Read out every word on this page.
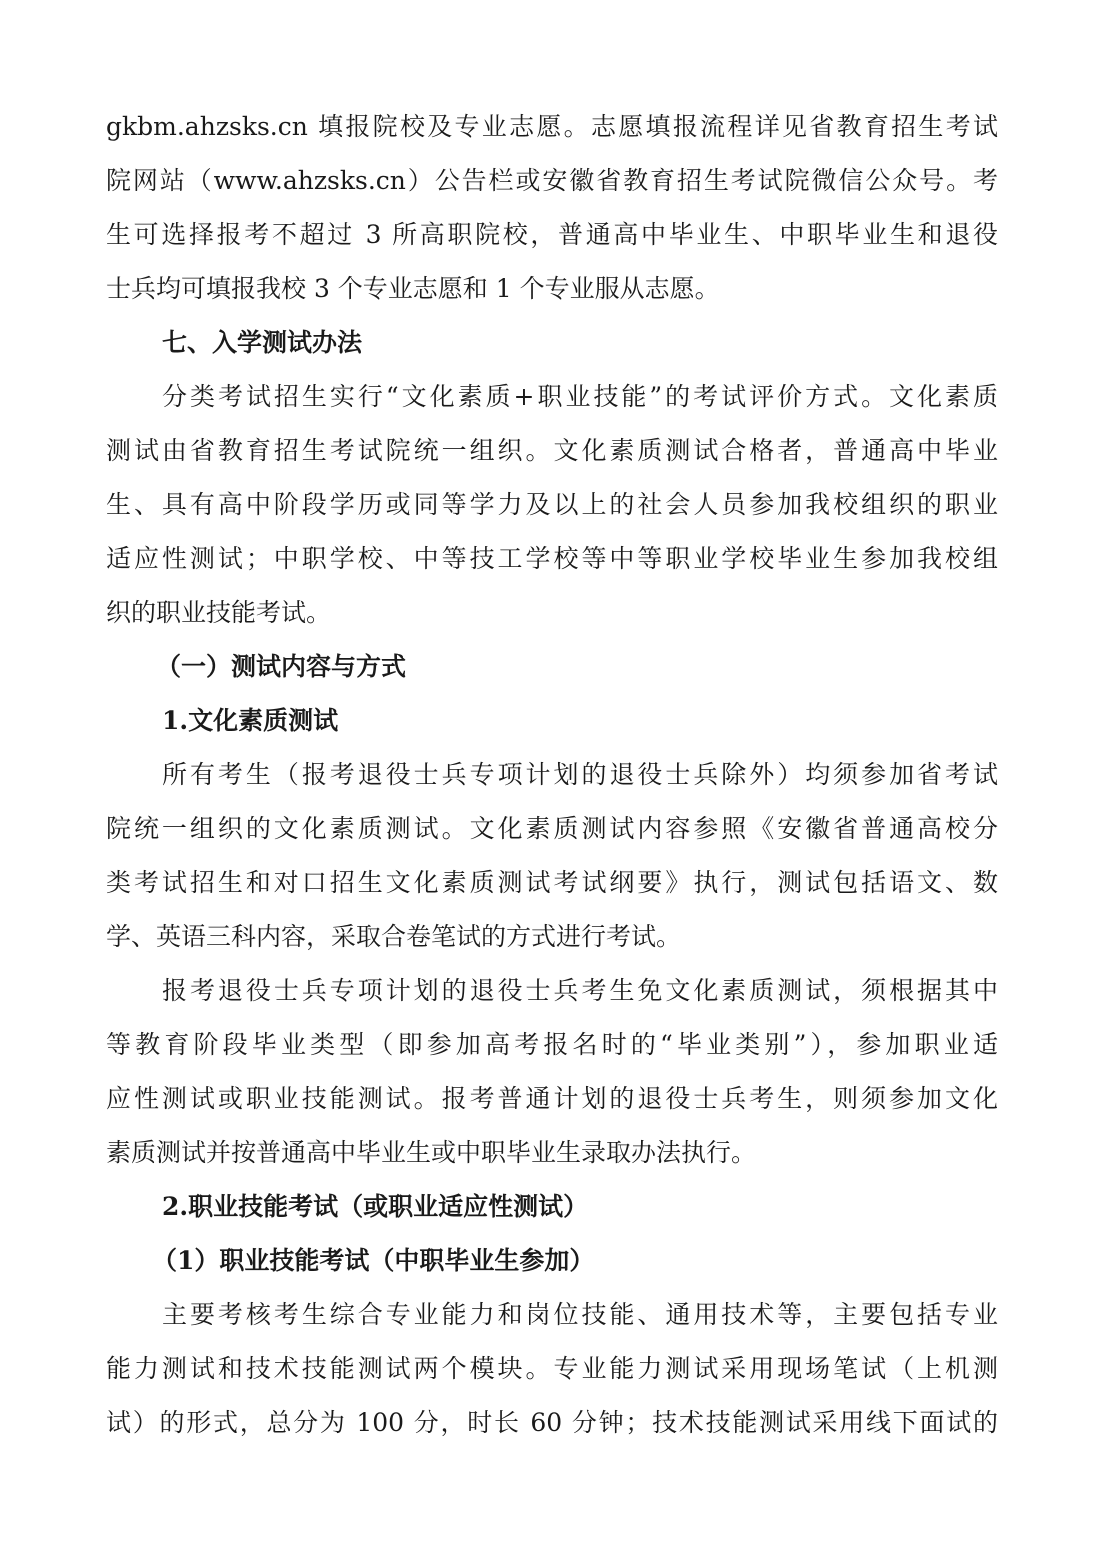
gkbm.ahzsks.cn 填报院校及专业志愿。志愿填报流程详见省教育招生考试
院网站（www.ahzsks.cn）公告栏或安徽省教育招生考试院微信公众号。考
生可选择报考不超过 3 所高职院校，普通高中毕业生、中职毕业生和退役
士兵均可填报我校 3 个专业志愿和 1 个专业服从志愿。
七、入学测试办法
分类考试招生实行“文化素质+职业技能”的考试评价方式。文化素质
测试由省教育招生考试院统一组织。文化素质测试合格者，普通高中毕业
生、具有高中阶段学历或同等学力及以上的社会人员参加我校组织的职业
适应性测试；中职学校、中等技工学校等中等职业学校毕业生参加我校组
织的职业技能考试。
（一）测试内容与方式
1.文化素质测试
所有考生（报考退役士兵专项计划的退役士兵除外）均须参加省考试
院统一组织的文化素质测试。文化素质测试内容参照《安徽省普通高校分
类考试招生和对口招生文化素质测试考试纲要》执行，测试包括语文、数
学、英语三科内容，采取合卷笔试的方式进行考试。
报考退役士兵专项计划的退役士兵考生免文化素质测试，须根据其中
等教育阶段毕业类型（即参加高考报名时的“毕业类别”），参加职业适
应性测试或职业技能测试。报考普通计划的退役士兵考生，则须参加文化
素质测试并按普通高中毕业生或中职毕业生录取办法执行。
2.职业技能考试（或职业适应性测试）
（1）职业技能考试（中职毕业生参加）
主要考核考生综合专业能力和岗位技能、通用技术等，主要包括专业
能力测试和技术技能测试两个模块。专业能力测试采用现场笔试（上机测
试）的形式，总分为 100 分，时长 60 分钟；技术技能测试采用线下面试的
